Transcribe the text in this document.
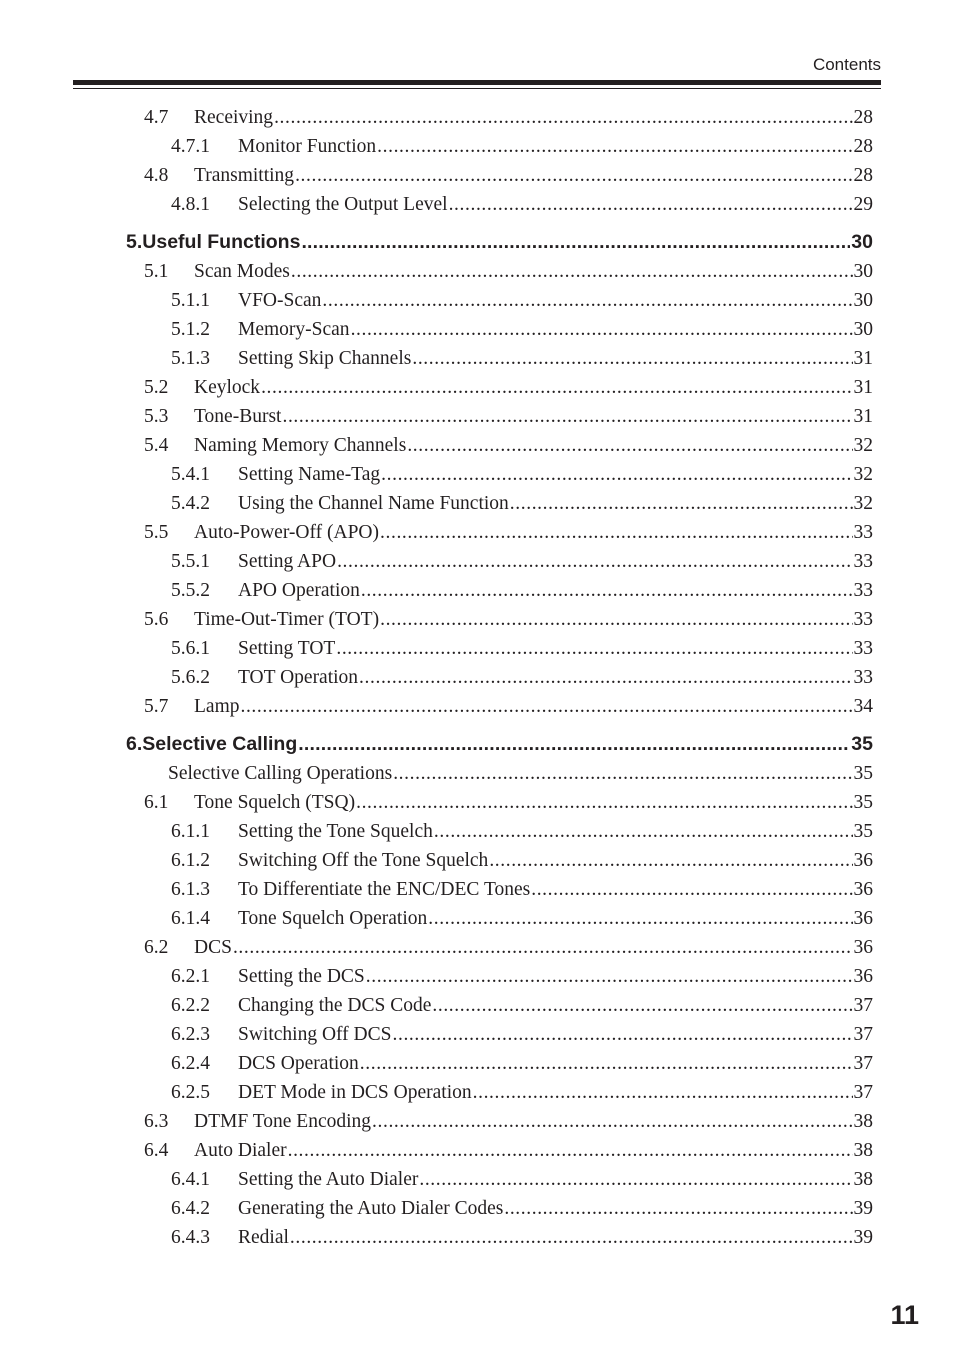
Contents
4.7 Receiving .....	28
4.7.1 Monitor Function .....	28
4.8 Transmitting .....	28
4.8.1 Selecting the Output Level .....	29
5.Useful Functions .....	30
5.1 Scan Modes .....	30
5.1.1 VFO-Scan .....	30
5.1.2 Memory-Scan .....	30
5.1.3 Setting Skip Channels .....	31
5.2 Keylock .....	31
5.3 Tone-Burst .....	31
5.4 Naming Memory Channels .....	32
5.4.1 Setting Name-Tag .....	32
5.4.2 Using the Channel Name Function .....	32
5.5 Auto-Power-Off (APO) .....	33
5.5.1 Setting APO .....	33
5.5.2 APO Operation .....	33
5.6 Time-Out-Timer (TOT) .....	33
5.6.1 Setting TOT .....	33
5.6.2 TOT Operation .....	33
5.7 Lamp .....	34
6.Selective Calling .....	35
Selective Calling Operations .....	35
6.1 Tone Squelch (TSQ) .....	35
6.1.1 Setting the Tone Squelch .....	35
6.1.2 Switching Off the Tone Squelch .....	36
6.1.3 To Differentiate the ENC/DEC Tones .....	36
6.1.4 Tone Squelch Operation .....	36
6.2 DCS .....	36
6.2.1 Setting the DCS .....	36
6.2.2 Changing the DCS Code .....	37
6.2.3 Switching Off DCS .....	37
6.2.4 DCS Operation .....	37
6.2.5 DET Mode in DCS Operation .....	37
6.3 DTMF Tone Encoding .....	38
6.4 Auto Dialer .....	38
6.4.1 Setting the Auto Dialer .....	38
6.4.2 Generating the Auto Dialer Codes .....	39
6.4.3 Redial .....	39
11
